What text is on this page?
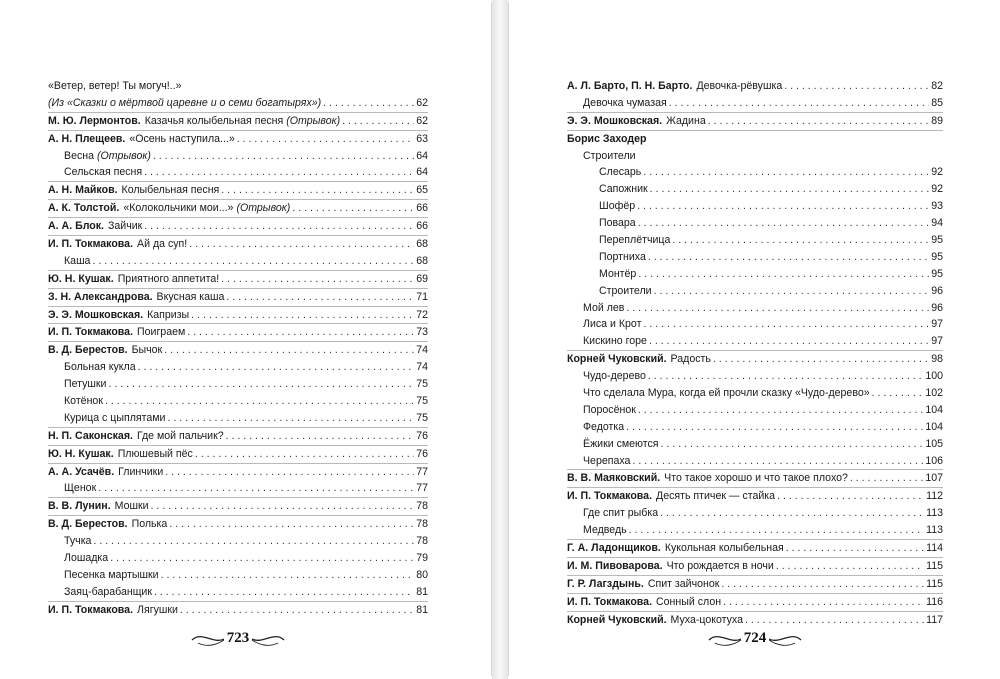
«Ветер, ветер! Ты могуч!..»
(Из «Сказки о мёртвой царевне и о семи богатырях») . . .	62
М. Ю. Лермонтов. Казачья колыбельная песня (Отрывок) . . .	62
А. Н. Плещеев. «Осень наступила...» . . .	63
Весна (Отрывок) . . .	64
Сельская песня . . .	64
А. Н. Майков. Колыбельная песня . . .	65
А. К. Толстой. «Колокольчики мои...» (Отрывок) . . .	66
А. А. Блок. Зайчик . . .	66
И. П. Токмакова. Ай да суп! . . .	68
Каша . . .	68
Ю. Н. Кушак. Приятного аппетита! . . .	69
З. Н. Александрова. Вкусная каша . . .	71
Э. Э. Мошковская. Капризы . . .	72
И. П. Токмакова. Поиграем . . .	73
В. Д. Берестов. Бычок . . .	74
Больная кукла . . .	74
Петушки . . .	75
Котёнок . . .	75
Курица с цыплятами . . .	75
Н. П. Саконская. Где мой пальчик? . . .	76
Ю. Н. Кушак. Плюшевый пёс . . .	76
А. А. Усачёв. Глинчики . . .	77
Щенок . . .	77
В. В. Лунин. Мошки . . .	78
В. Д. Берестов. Полька . . .	78
Тучка . . .	78
Лошадка . . .	79
Песенка мартышки . . .	80
Заяц-барабанщик . . .	81
И. П. Токмакова. Лягушки . . .	81
723
А. Л. Барто, П. Н. Барто. Девочка-рёвушка . . .	82
Девочка чумазая . . .	85
Э. Э. Мошковская. Жадина . . .	89
Борис Заходер
Строители
Слесарь . . .	92
Сапожник . . .	92
Шофёр . . .	93
Повара . . .	94
Переплётчица . . .	95
Портниха . . .	95
Монтёр . . .	95
Строители . . .	96
Мой лев . . .	96
Лиса и Крот . . .	97
Кискино горе . . .	97
Корней Чуковский. Радость . . .	98
Чудо-дерево . . .	100
Что сделала Мура, когда ей прочли сказку «Чудо-дерево» . . .	102
Поросёнок . . .	104
Федотка . . .	104
Ёжики смеются . . .	105
Черепаха . . .	106
В. В. Маяковский. Что такое хорошо и что такое плохо? . . .	107
И. П. Токмакова. Десять птичек — стайка . . .	112
Где спит рыбка . . .	113
Медведь . . .	113
Г. А. Ладонщиков. Кукольная колыбельная . . .	114
И. М. Пивоварова. Что рождается в ночи . . .	115
Г. Р. Лагздынь. Спит зайчонок . . .	115
И. П. Токмакова. Сонный слон . . .	116
Корней Чуковский. Муха-цокотуха . . .	117
724
